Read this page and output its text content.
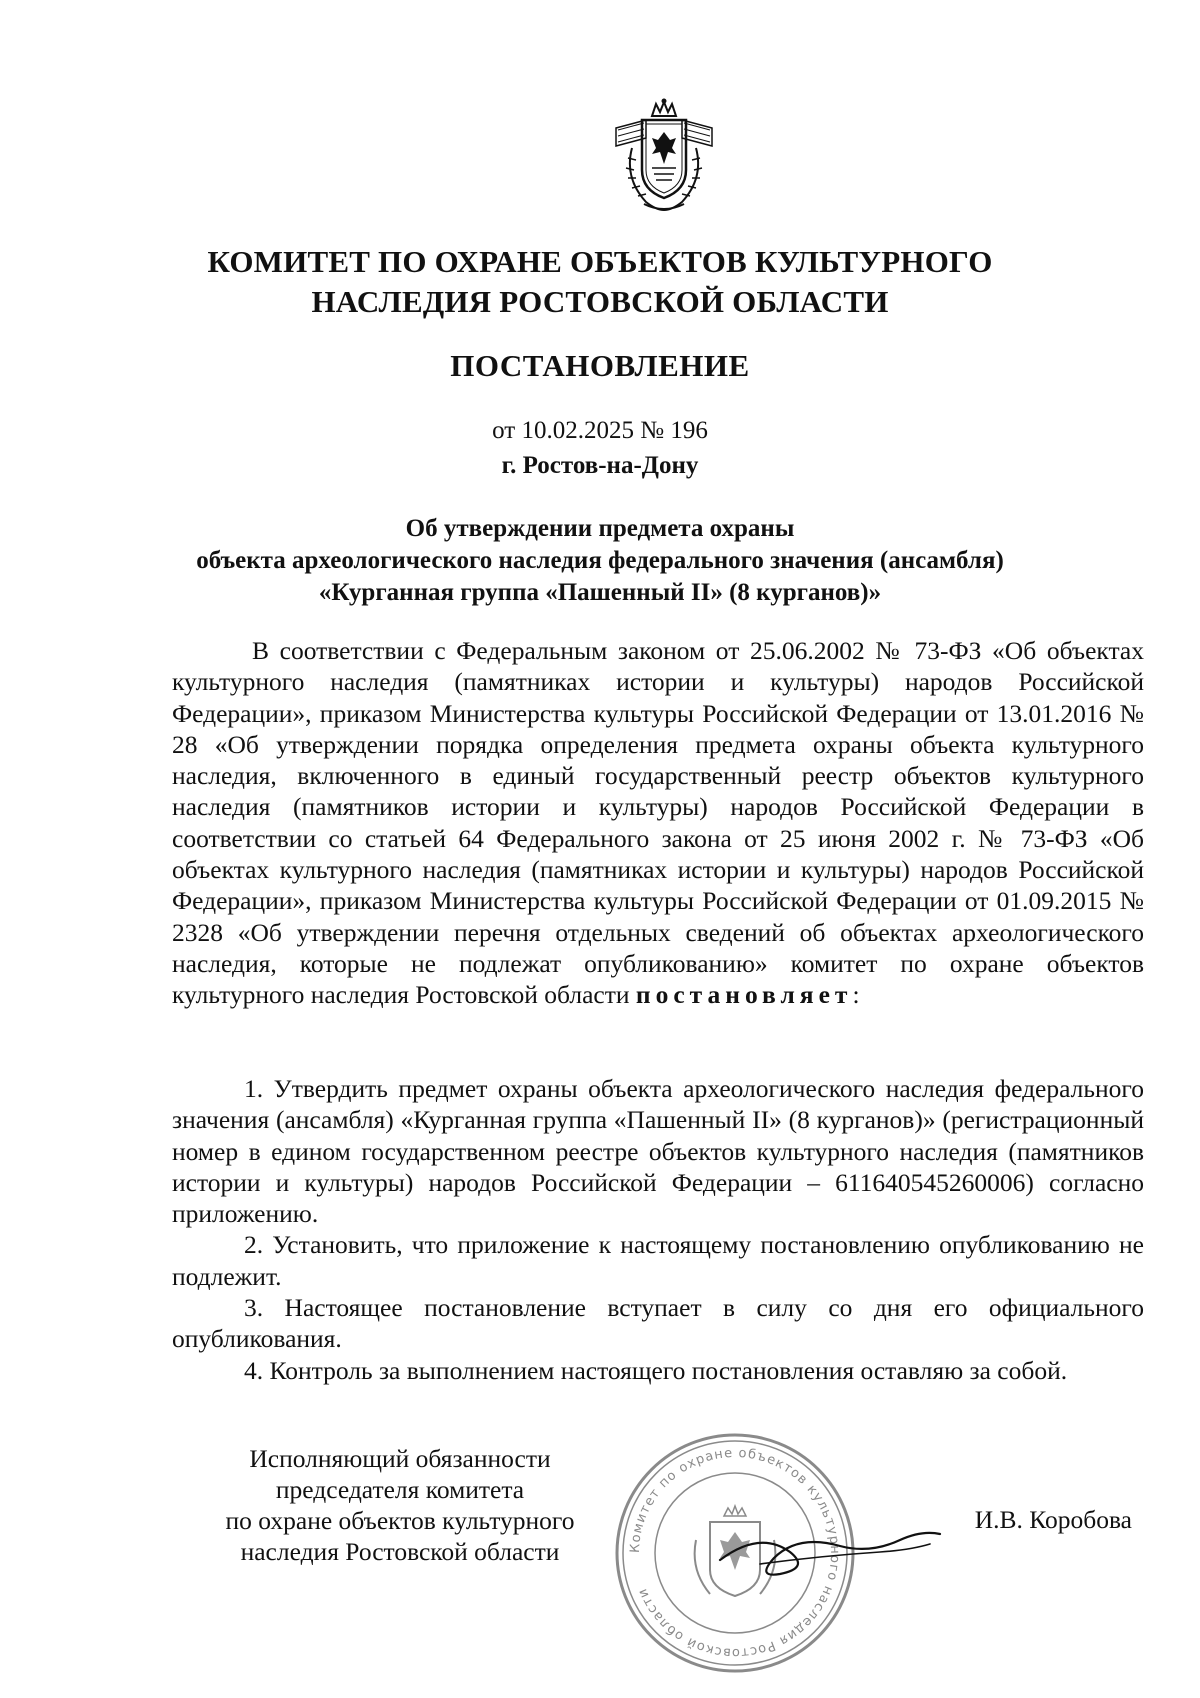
КОМИТЕТ ПО ОХРАНЕ ОБЪЕКТОВ КУЛЬТУРНОГО
НАСЛЕДИЯ РОСТОВСКОЙ ОБЛАСТИ
ПОСТАНОВЛЕНИЕ
от 10.02.2025 № 196
г. Ростов-на-Дону
Об утверждении предмета охраны
объекта археологического наследия федерального значения (ансамбля)
«Курганная группа «Пашенный II» (8 курганов)»

В соответствии с Федеральным законом от 25.06.2002 № 73-ФЗ «Об объектах культурного наследия (памятниках истории и культуры) народов Российской Федерации», приказом Министерства культуры Российской Федерации от 13.01.2016 № 28 «Об утверждении порядка определения предмета охраны объекта культурного наследия, включенного в единый государственный реестр объектов культурного наследия (памятников истории и культуры) народов Российской Федерации в соответствии со статьей 64 Федерального закона от 25 июня 2002 г. № 73-ФЗ «Об объектах культурного наследия (памятниках истории и культуры) народов Российской Федерации», приказом Министерства культуры Российской Федерации от 01.09.2015 № 2328 «Об утверждении перечня отдельных сведений об объектах археологического наследия, которые не подлежат опубликованию» комитет по охране объектов культурного наследия Ростовской области постановляет:

1. Утвердить предмет охраны объекта археологического наследия федерального значения (ансамбля) «Курганная группа «Пашенный II» (8 курганов)» (регистрационный номер в едином государственном реестре объектов культурного наследия (памятников истории и культуры) народов Российской Федерации – 611640545260006) согласно приложению.

2. Установить, что приложение к настоящему постановлению опубликованию не подлежит.

3. Настоящее постановление вступает в силу со дня его официального опубликования.

4. Контроль за выполнением настоящего постановления оставляю за собой.

Комитет по охране объектов культурного наследия Ростовской области
Исполняющий обязанности
председателя комитета
по охране объектов культурного
наследия Ростовской области
И.В. Коробова
